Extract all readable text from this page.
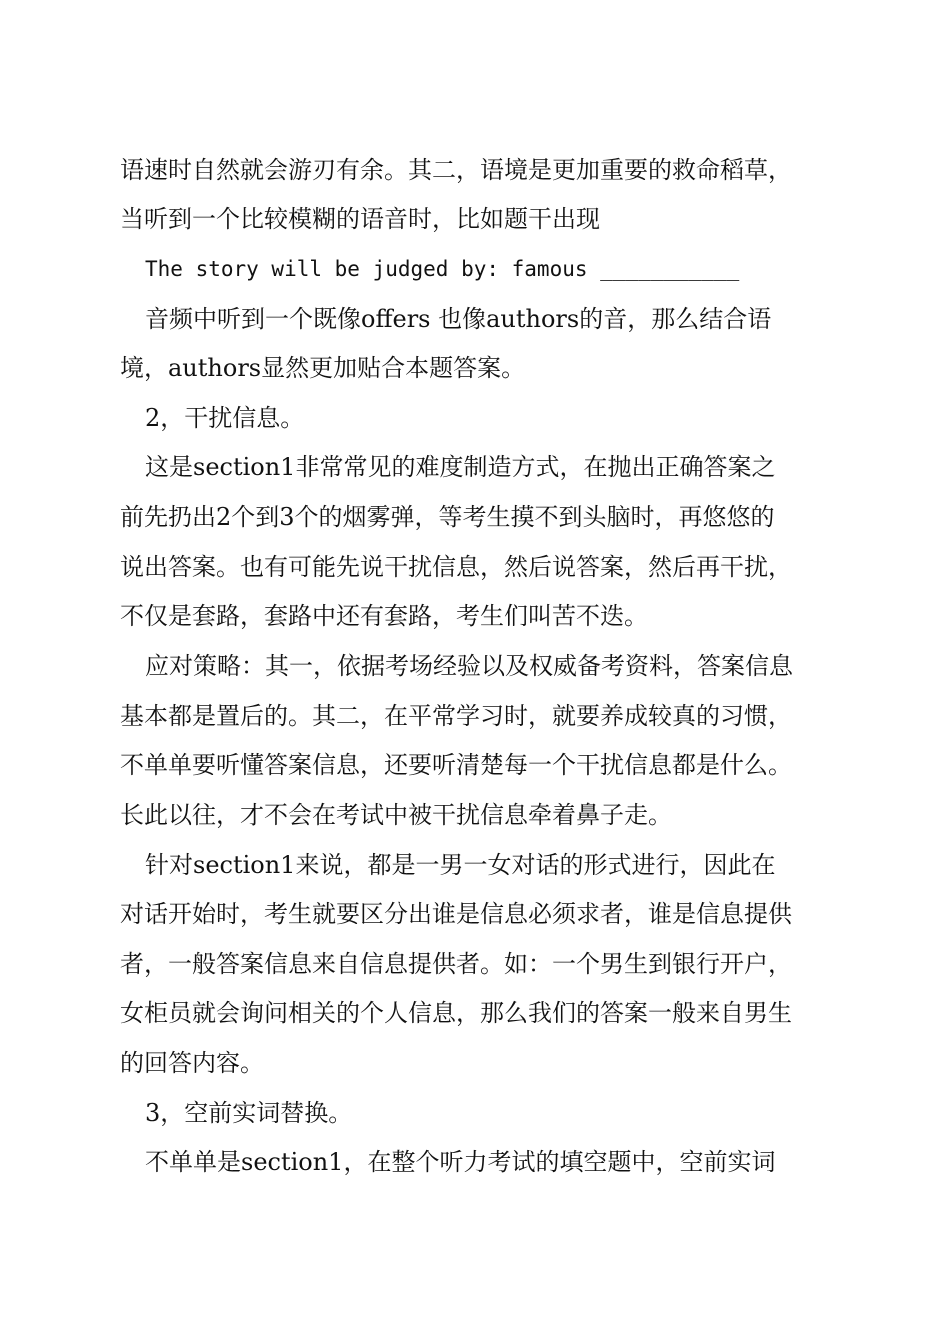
语速时自然就会游刃有余。其二，语境是更加重要的救命稻草，
当听到一个比较模糊的语音时，比如题干出现
The story will be judged by: famous ___________
音频中听到一个既像offers 也像authors的音，那么结合语
境，authors显然更加贴合本题答案。
2，干扰信息。
这是section1非常常见的难度制造方式，在抛出正确答案之
前先扔出2个到3个的烟雾弹，等考生摸不到头脑时，再悠悠的
说出答案。也有可能先说干扰信息，然后说答案，然后再干扰，
不仅是套路，套路中还有套路，考生们叫苦不迭。
应对策略：其一，依据考场经验以及权威备考资料，答案信息
基本都是置后的。其二，在平常学习时，就要养成较真的习惯，
不单单要听懂答案信息，还要听清楚每一个干扰信息都是什么。
长此以往，才不会在考试中被干扰信息牵着鼻子走。
针对section1来说，都是一男一女对话的形式进行，因此在
对话开始时，考生就要区分出谁是信息必须求者，谁是信息提供
者，一般答案信息来自信息提供者。如：一个男生到银行开户，
女柜员就会询问相关的个人信息，那么我们的答案一般来自男生
的回答内容。
3，空前实词替换。
不单单是section1，在整个听力考试的填空题中，空前实词
